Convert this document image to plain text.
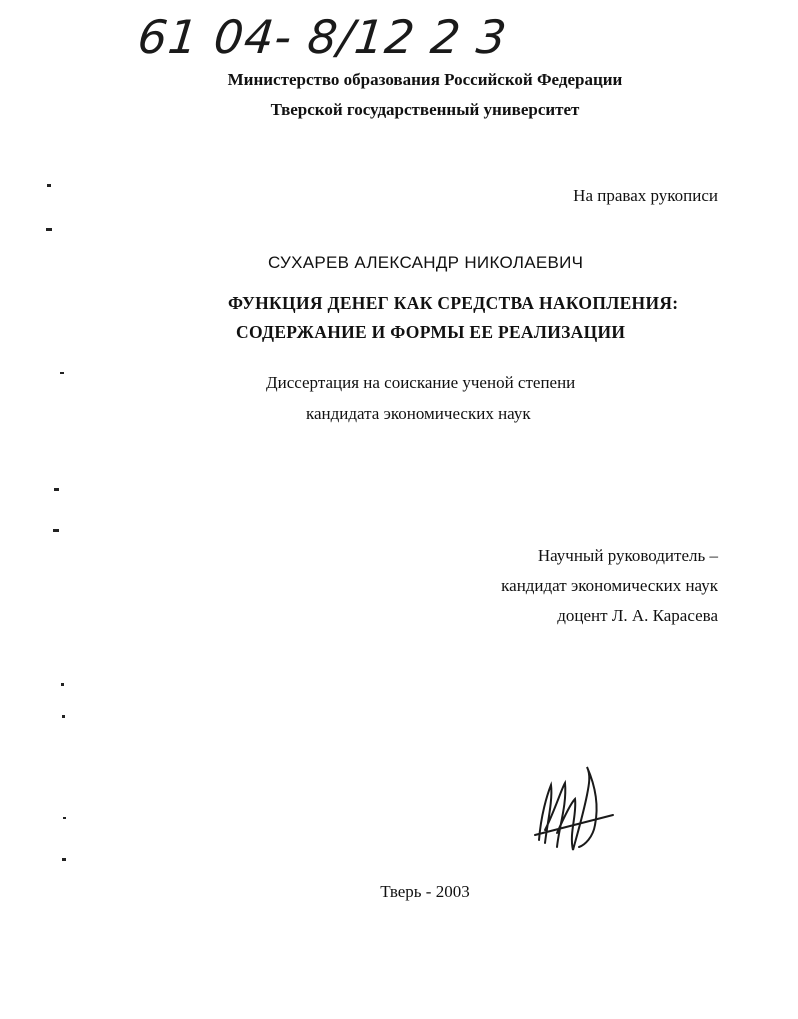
61 04- 8/12 2 3
Министерство образования Российской Федерации
Тверской государственный университет
На правах рукописи
СУХАРЕВ АЛЕКСАНДР НИКОЛАЕВИЧ
ФУНКЦИЯ ДЕНЕГ КАК СРЕДСТВА НАКОПЛЕНИЯ:
СОДЕРЖАНИЕ И ФОРМЫ ЕЕ РЕАЛИЗАЦИИ
Диссертация на соискание ученой степени
кандидата экономических наук
Научный руководитель –
кандидат экономических наук
доцент Л. А. Карасева
Тверь - 2003
